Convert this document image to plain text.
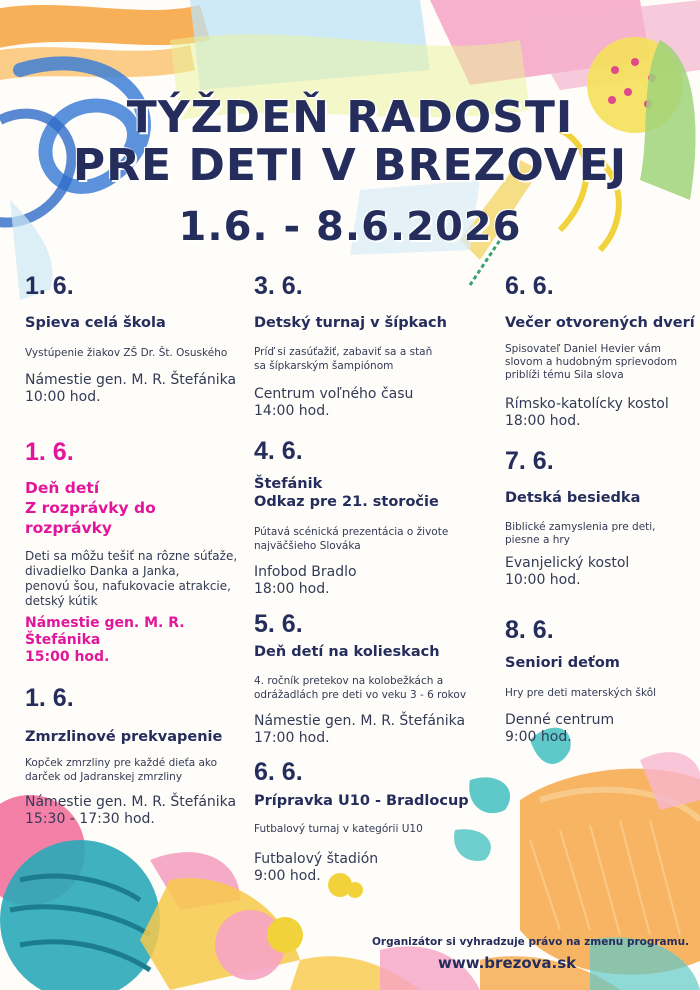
TÝŽDEŇ RADOSTI
PRE DETI V BREZOVEJ
1.6. - 8.6.2026
1. 6.
Spieva celá škola
Vystúpenie žiakov ZŠ Dr. Št. Osuského
Námestie gen. M. R. Štefánika
10:00 hod.
1. 6.
Deň detí
Z rozprávky do
rozprávky
Deti sa môžu tešiť na rôzne súťaže,
divadielko Danka a Janka,
penovú šou, nafukovacie atrakcie,
detský kútik
Námestie gen. M. R.
Štefánika
15:00 hod.
1. 6.
Zmrzlinové prekvapenie
Kopček zmrzliny pre každé dieťa ako
darček od Jadranskej zmrzliny
Námestie gen. M. R. Štefánika
15:30 - 17:30 hod.
3. 6.
Detský turnaj v šípkach
Príď si zasúťažiť, zabaviť sa a staň
sa šípkarským šampiónom
Centrum voľného času
14:00 hod.
4. 6.
Štefánik
Odkaz pre 21. storočie
Pútavá scénická prezentácia o živote
najväčšieho Slováka
Infobod Bradlo
18:00 hod.
5. 6.
Deň detí na kolieskach
4. ročník pretekov na kolobežkách a
odrážadlách pre deti vo veku 3 - 6 rokov
Námestie gen. M. R. Štefánika
17:00 hod.
6. 6.
Prípravka U10 - Bradlocup
Futbalový turnaj v kategórii U10
Futbalový štadión
9:00 hod.
6. 6.
Večer otvorených dverí
Spisovateľ Daniel Hevier vám
slovom a hudobným sprievodom
priblíži tému Sila slova
Rímsko-katolícky kostol
18:00 hod.
7. 6.
Detská besiedka
Biblické zamyslenia pre deti,
piesne a hry
Evanjelický kostol
10:00 hod.
8. 6.
Seniori deťom
Hry pre deti materských škôl
Denné centrum
9:00 hod.
Organizátor si vyhradzuje právo na zmenu programu.
www.brezova.sk
